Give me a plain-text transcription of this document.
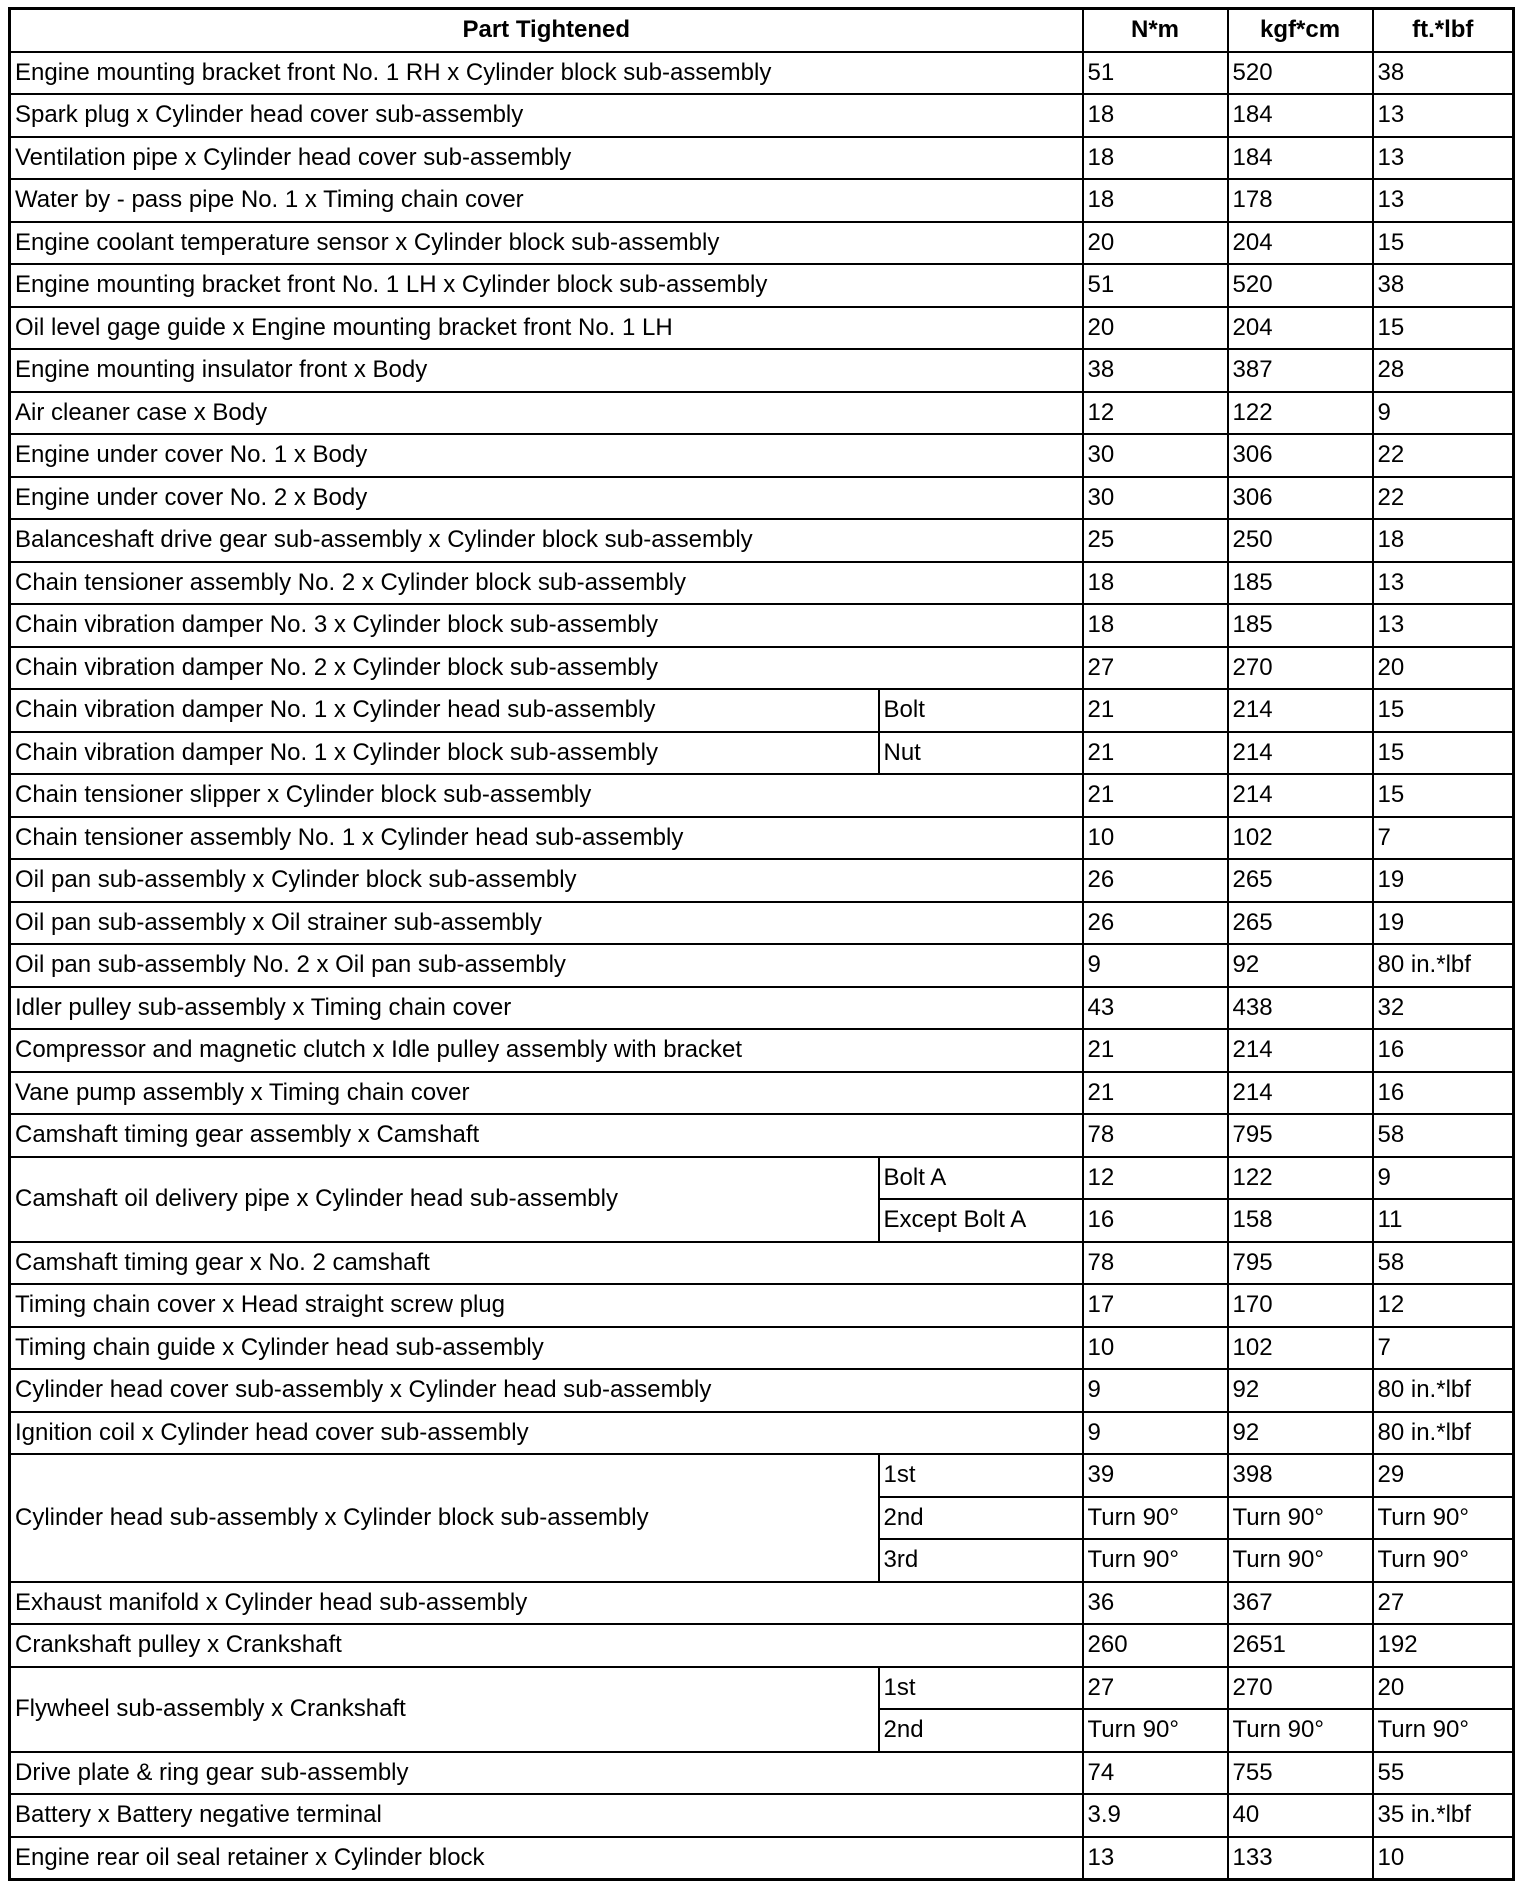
Part Tightened		N*m	kgf*cm	ft.*lbf
Engine mounting bracket front No. 1 RH x Cylinder block sub-assembly		51	520	38
Spark plug x Cylinder head cover sub-assembly		18	184	13
Ventilation pipe x Cylinder head cover sub-assembly		18	184	13
Water by - pass pipe No. 1 x Timing chain cover		18	178	13
Engine coolant temperature sensor x Cylinder block sub-assembly		20	204	15
Engine mounting bracket front No. 1 LH x Cylinder block sub-assembly		51	520	38
Oil level gage guide x Engine mounting bracket front No. 1 LH		20	204	15
Engine mounting insulator front x Body		38	387	28
Air cleaner case x Body		12	122	9
Engine under cover No. 1 x Body		30	306	22
Engine under cover No. 2 x Body		30	306	22
Balanceshaft drive gear sub-assembly x Cylinder block sub-assembly		25	250	18
Chain tensioner assembly No. 2 x Cylinder block sub-assembly		18	185	13
Chain vibration damper No. 3 x Cylinder block sub-assembly		18	185	13
Chain vibration damper No. 2 x Cylinder block sub-assembly		27	270	20
Chain vibration damper No. 1 x Cylinder head sub-assembly	Bolt	21	214	15
Chain vibration damper No. 1 x Cylinder block sub-assembly	Nut	21	214	15
Chain tensioner slipper x Cylinder block sub-assembly		21	214	15
Chain tensioner assembly No. 1 x Cylinder head sub-assembly		10	102	7
Oil pan sub-assembly x Cylinder block sub-assembly		26	265	19
Oil pan sub-assembly x Oil strainer sub-assembly		26	265	19
Oil pan sub-assembly No. 2 x Oil pan sub-assembly		9	92	80 in.*lbf
Idler pulley sub-assembly x Timing chain cover		43	438	32
Compressor and magnetic clutch x Idle pulley assembly with bracket		21	214	16
Vane pump assembly x Timing chain cover		21	214	16
Camshaft timing gear assembly x Camshaft		78	795	58
Camshaft oil delivery pipe x Cylinder head sub-assembly	Bolt A	12	122	9
	Except Bolt A	16	158	11
Camshaft timing gear x No. 2 camshaft		78	795	58
Timing chain cover x Head straight screw plug		17	170	12
Timing chain guide x Cylinder head sub-assembly		10	102	7
Cylinder head cover sub-assembly x Cylinder head sub-assembly		9	92	80 in.*lbf
Ignition coil x Cylinder head cover sub-assembly		9	92	80 in.*lbf
Cylinder head sub-assembly x Cylinder block sub-assembly	1st	39	398	29
	2nd	Turn 90°	Turn 90°	Turn 90°
	3rd	Turn 90°	Turn 90°	Turn 90°
Exhaust manifold x Cylinder head sub-assembly		36	367	27
Crankshaft pulley x Crankshaft		260	2651	192
Flywheel sub-assembly x Crankshaft	1st	27	270	20
	2nd	Turn 90°	Turn 90°	Turn 90°
Drive plate & ring gear sub-assembly		74	755	55
Battery x Battery negative terminal		3.9	40	35 in.*lbf
Engine rear oil seal retainer x Cylinder block		13	133	10
